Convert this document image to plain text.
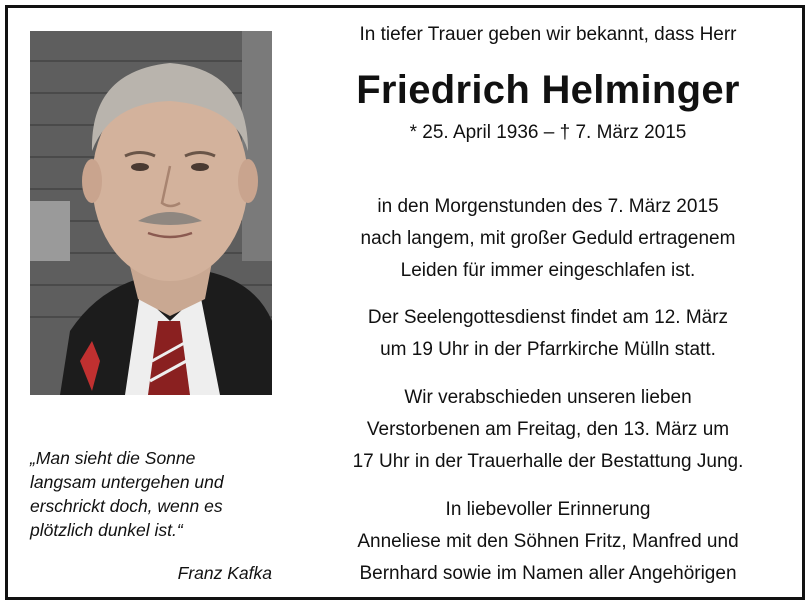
„Man sieht die Sonne
langsam untergehen und
erschrickt doch, wenn es
plötzlich dunkel ist.“
Franz Kafka
In tiefer Trauer geben wir bekannt, dass Herr
Friedrich Helminger
* 25. April 1936 – † 7. März 2015
in den Morgenstunden des 7. März 2015
nach langem, mit großer Geduld ertragenem
Leiden für immer eingeschlafen ist.
Der Seelengottesdienst findet am 12. März
um 19 Uhr in der Pfarrkirche Mülln statt.
Wir verabschieden unseren lieben
Verstorbenen am Freitag, den 13. März um
17 Uhr in der Trauerhalle der Bestattung Jung.
In liebevoller Erinnerung
Anneliese mit den Söhnen Fritz, Manfred und
Bernhard sowie im Namen aller Angehörigen
